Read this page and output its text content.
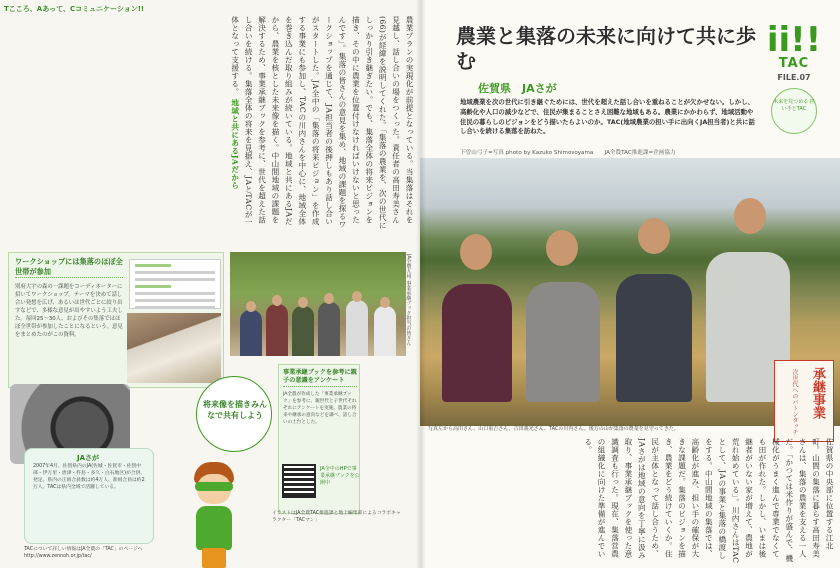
Tこころ、Aあって、Cコミュニケーション!!
農業プランの実現化が前提となっている。当集落はそれを見越し、話し合いの場をつくった。責任者の高田寿美さん(66)が経緯を説明してくれた。「集落の農業を、次の世代にしっかり引き継ぎたい。でも、集落全体の将来ビジョンを描き、その中に農業を位置付けなければいけないと思ったんです」。集落の皆さんの意見を集め、地域の課題を探るワークショップを通じて、JA担当者の後押しもあり話し合いがスタートした。JA全中の「集落の将来ビジョン」を作成する事業にも参加し、TACの川内さんを中心に、地域全体を巻き込んだ取り組みが続いている。地域と共にあるJAだから、農業を核とした未来像を描く。中山間地域の課題を解決するため、事業承継ブックを参考に、世代を超えた話し合いを続ける。集落全体の将来を見据え、JAとTACが一体となって支援する。 地域と共にあるJAだから
ワークショップには集落のほぼ全世帯が参加
別府大宇の森の一課題をコーディネーターに招いてワークショップ。テーマを決めて話し合い発想を広げ、あるいは世代ごとに絞り出すなどで、多様な意見が出やすいよう工夫した。毎回25〜30人、およびその集落ではほぼ全世帯が参加したことになるという。意見をまとめたのがこの資料。	JA全農九州 事業承継ブック担当の皆さん
将来像を描きみんなで共有しよう
JAさが
2007年4月、佐賀県内のJA(佐城・佐賀市・佐賀中部・伊万里・唐津・杵島・多久・白石地区)が合併、発足。県内の正組合員数は約4万人、准組合員は約2万人。TACは県内全域で活躍している。
TACについて詳しい情報はJA全農の「TAC」のページへ http://www.zennoh.or.jp/tac/
事業承継ブックを参考に親子の意識をアンケート
JA全農が作成した「事業承継ブック」を参考に、親世代と子世代それぞれにアンケートを実施。農業の将来や継承の意向などを調べ、話し合いの土台とした。
JA全中のHPで事業承継ブックを公開中
イラストはJA全農TAC推進課と地上編集部によるコラボキャラクター「TACマン」
農業と集落の未来に向けて共に歩む
佐賀県　JAさが
地域農業を次の世代に引き継ぐためには、世代を超えた話し合いを重ねることが欠かせない。しかし、高齢化や人口の減少などで、住民が集まることさえ困難な地域もある。農業にかかわらず、地域活動や住民の暮らしのビジョンをどう描いたらよいのか。TAC(地域農業の担い手に出向くJA担当者)と共に話し合いを続ける集落を訪ねた。
下曽山弓子=写真 photo by Kazuko Shimosoyama　　JA全農TAC推進課=企画協力
ii!!
TAC
FILE.07
未来を見つめる 担い手とTAC
承継事業
次世代へのバトンタッチ
写真左から高田さん、山口重吉さん、古田義光さん、TACの川内さん。後方の山が集落の農業を見守ってきた。
佐賀県の中央部に位置する江北町。山間の集落に暮らす高田寿美さんは、集落の農業を支える一人だ。「かつては米作りが盛んで、機械化がうまく進んで専業でなくても田が作れた。しかし、いまは後継者がいない家が増えて、農地が荒れ始めている」。川内さんはTACとして、JAの事業と集落の橋渡しをする。中山間地域の集落では、高齢化が進み、担い手の確保が大きな課題だ。集落のビジョンを描き、農業をどう続けていくか。住民が主体となって話し合うため、JAさがは地域の意向を丁寧に汲み取り、事業承継ブックを使った意識調査も行った。現在、集落営農の組織化に向けた準備が進んでいる。
